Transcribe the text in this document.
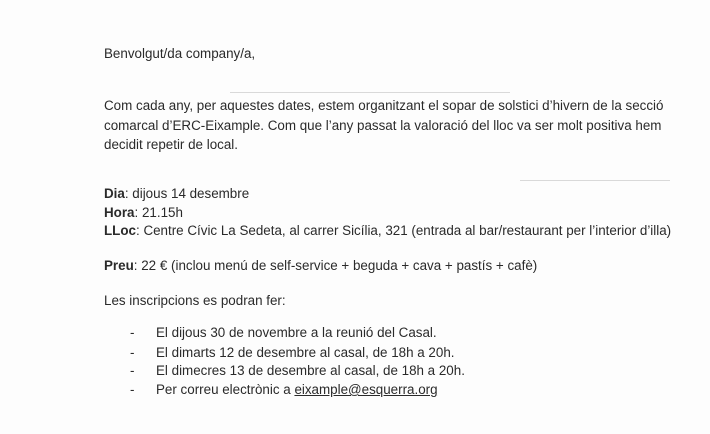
Benvolgut/da company/a,
Com cada any, per aquestes dates, estem organitzant el sopar de solstici d’hivern de la secció
comarcal d’ERC-Eixample. Com que l’any passat la valoració del lloc va ser molt positiva hem
decidit repetir de local.
Dia: dijous 14 desembre
Hora: 21.15h
LLoc: Centre Cívic La Sedeta, al carrer Sicília, 321 (entrada al bar/restaurant per l’interior d’illa)
Preu: 22 € (inclou menú de self-service + beguda + cava + pastís + cafè)
Les inscripcions es podran fer:
- El dijous 30 de novembre a la reunió del Casal.
- El dimarts 12 de desembre al casal, de 18h a 20h.
- El dimecres 13 de desembre al casal, de 18h a 20h.
- Per correu electrònic a eixample@esquerra.org
